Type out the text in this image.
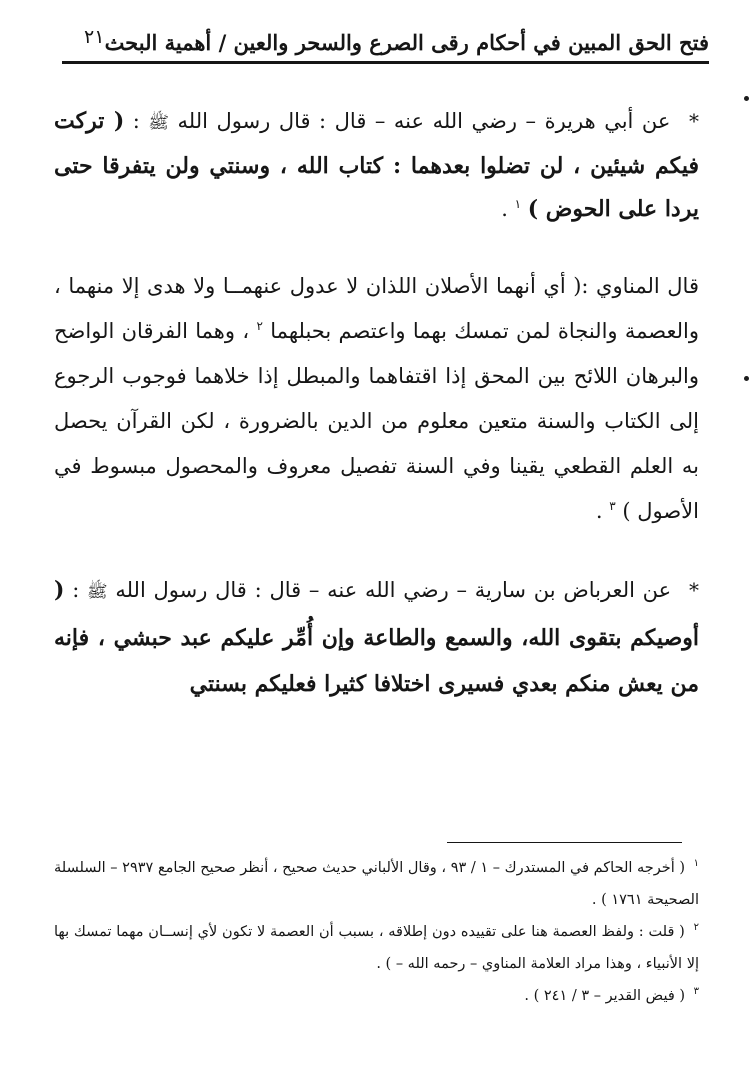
فتح الحق المبين في أحكام رقى الصرع والسحر والعين / أهمية البحث
٢١
* عن أبي هريرة – رضي الله عنه – قال : قال رسول الله ﷺ : ( تركت فيكم شيئين ، لن تضلوا بعدهما : كتاب الله ، وسنتي ولن يتفرقا حتى يردا على الحوض ) $^١$ .
قال المناوي :( أي أنهما الأصلان اللذان لا عدول عنهمــا ولا هدى إلا منهما ، والعصمة والنجاة لمن تمسك بهما واعتصم بحبلهما $^٢$ ، وهما الفرقان الواضح والبرهان اللائح بين المحق إذا اقتفاهما والمبطل إذا خلاهما فوجوب الرجوع إلى الكتاب والسنة متعين معلوم من الدين بالضرورة ، لكن القرآن يحصل به العلم القطعي يقينا وفي السنة تفصيل معروف والمحصول مبسوط في الأصول ) $^٣$ .
* عن العرباض بن سارية – رضي الله عنه – قال : قال رسول الله ﷺ : ( أوصيكم بتقوى الله، والسمع والطاعة وإن أُمِّر عليكم عبد حبشي ، فإنه من يعش منكم بعدي فسيرى اختلافا كثيرا فعليكم بسنتي

$^١$ ( أخرجه الحاكم في المستدرك – ١ / ٩٣ ، وقال الألباني حديث صحيح ، أنظر صحيح الجامع ٢٩٣٧ – السلسلة الصحيحة ١٧٦١ ) .

$^٢$ ( قلت : ولفظ العصمة هنا على تقييده دون إطلاقه ، بسبب أن العصمة لا تكون لأي إنســان مهما تمسك بها إلا الأنبياء ، وهذا مراد العلامة المناوي – رحمه الله – ) .

$^٣$ ( فيض القدير – ٣ / ٢٤١ ) .
